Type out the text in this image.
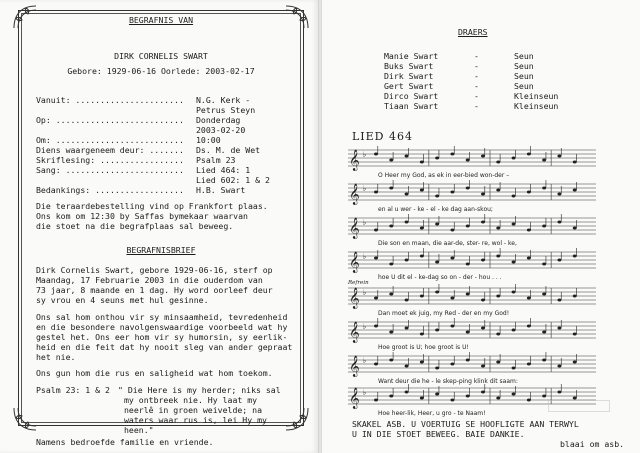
BEGRAFNIS VAN
DIRK CORNELIS SWART
Gebore: 1929-06-16 Oorlede: 2003-02-17
Vanuit: ...................... N.G. Kerk -
Petrus Steyn
Op: .......................... Donderdag
2003-02-20
Om: .......................... 10:00
Diens waargeneem deur: ....... Ds. M. de Wet
Skriflesing: ................. Psalm 23
Sang: ........................ Lied 464: 1
Lied 602: 1 & 2
Bedankings: .................. H.B. Swart
Die teraardebestelling vind op Frankfort plaas.
Ons kom om 12:30 by Saffas bymekaar waarvan
die stoet na die begrafplaas sal beweeg.
BEGRAFNISBRIEF
Dirk Cornelis Swart, gebore 1929-06-16, sterf op
Maandag, 17 Februarie 2003 in die ouderdom van
73 jaar, 8 maande en 1 dag. Hy word oorleef deur
sy vrou en 4 seuns met hul gesinne.
Ons sal hom onthou vir sy minsaamheid, tevredenheid
en die besondere navolgenswaardige voorbeeld wat hy
gestel het. Ons eer hom vir sy humorsin, sy eerlik-
heid en die feit dat hy nooit sleg van ander gepraat
het nie.
Ons gun hom die rus en saligheid wat hom toekom.
Psalm 23: 1 & 2 " Die Here is my herder; niks sal
my ontbreek nie. Hy laat my
neerlê in groen weivelde; na
waters waar rus is, lei Hy my
heen."
Namens bedroefde familie en vriende.
DRAERS
Manie Swart	-	Seun
Buks Swart	-	Seun
Dirk Swart	-	Seun
Gert Swart	-	Seun
Dirco Swart	-	Kleinseun
Tiaan Swart	-	Kleinseun
LIED 464
𝄞 ♭
O Heer my God, as ek in eer-bied won-der –
𝄞 ♭
en al u wer - ke - el - ke dag aan-skou;
𝄞 ♭
Die son en maan, die aar-de, ster- re, wol - ke,
𝄞 ♭
hoe U dit el - ke-dag so on - der - hou . . .
Refrein
𝄞 ♭
Dan moet ek juig, my Red - der en my God!
𝄞 ♭
Hoe groot is U; hoe groot is U!
𝄞 ♭
Want deur die he - le skep-ping klink dit saam:
𝄞 ♭
Hoe heer-lik, Heer, u gro - te Naam!
SKAKEL ASB. U VOERTUIG SE HOOFLIGTE AAN TERWYL
U IN DIE STOET BEWEEG. BAIE DANKIE.
blaai om asb.
